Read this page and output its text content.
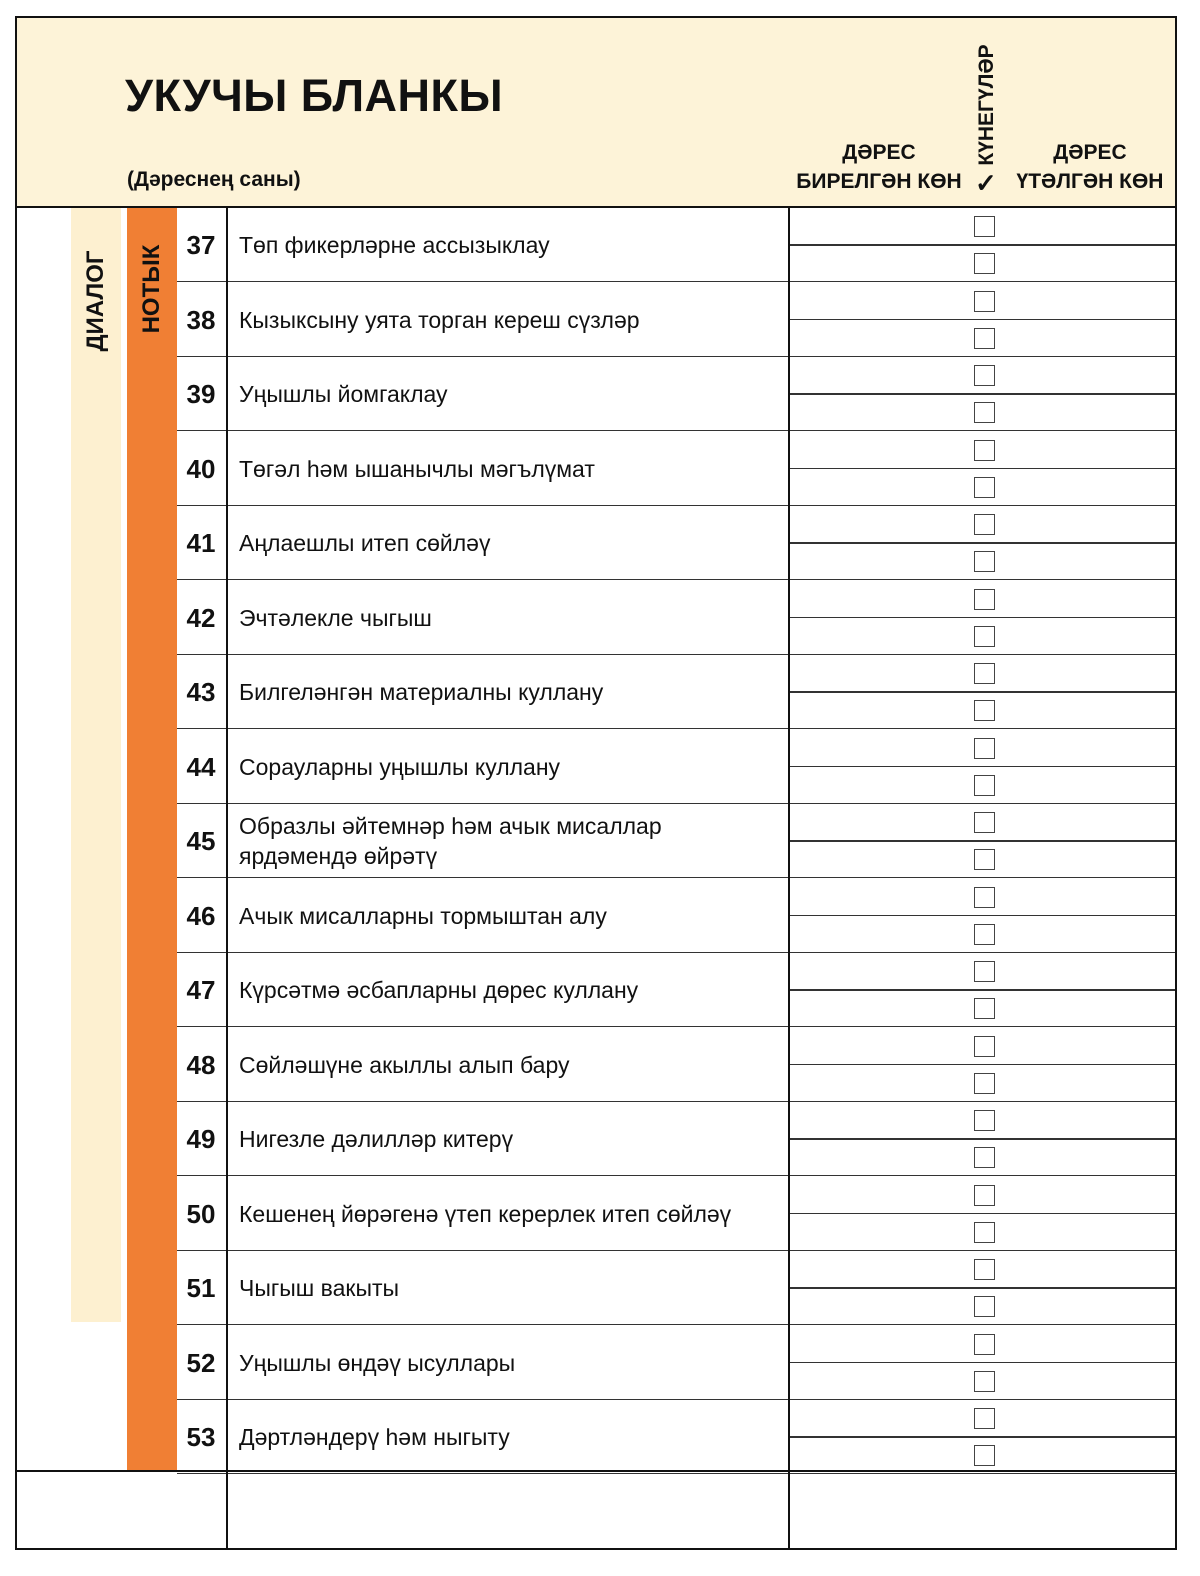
УКУЧЫ БЛАНКЫ
(Дәреснең саны)
ДӘРЕС
БИРЕЛГӘН КӨН
КҮНЕГҮЛӘР
✓
ДӘРЕС
ҮТӘЛГӘН КӨН
ДИАЛОГ НОТЫК 37	Төп фикерләрне ассызыклау
38	Кызыксыну уята торган кереш сүзләр
39	Уңышлы йомгаклау
40	Төгәл һәм ышанычлы мәгълүмат
41	Аңлаешлы итеп сөйләү
42	Эчтәлекле чыгыш
43	Билгеләнгән материалны куллану
44	Сорауларны уңышлы куллану
45	Образлы әйтемнәр һәм ачык мисаллар ярдәмендә өйрәтү
46	Ачык мисалларны тормыштан алу
47	Күрсәтмә әсбапларны дөрес куллану
48	Сөйләшүне акыллы алып бару
49	Нигезле дәлилләр китерү
50	Кешенең йөрәгенә үтеп керерлек итеп сөйләү
51	Чыгыш вакыты
52	Уңышлы өндәү ысуллары
53	Дәртләндерү һәм ныгыту
